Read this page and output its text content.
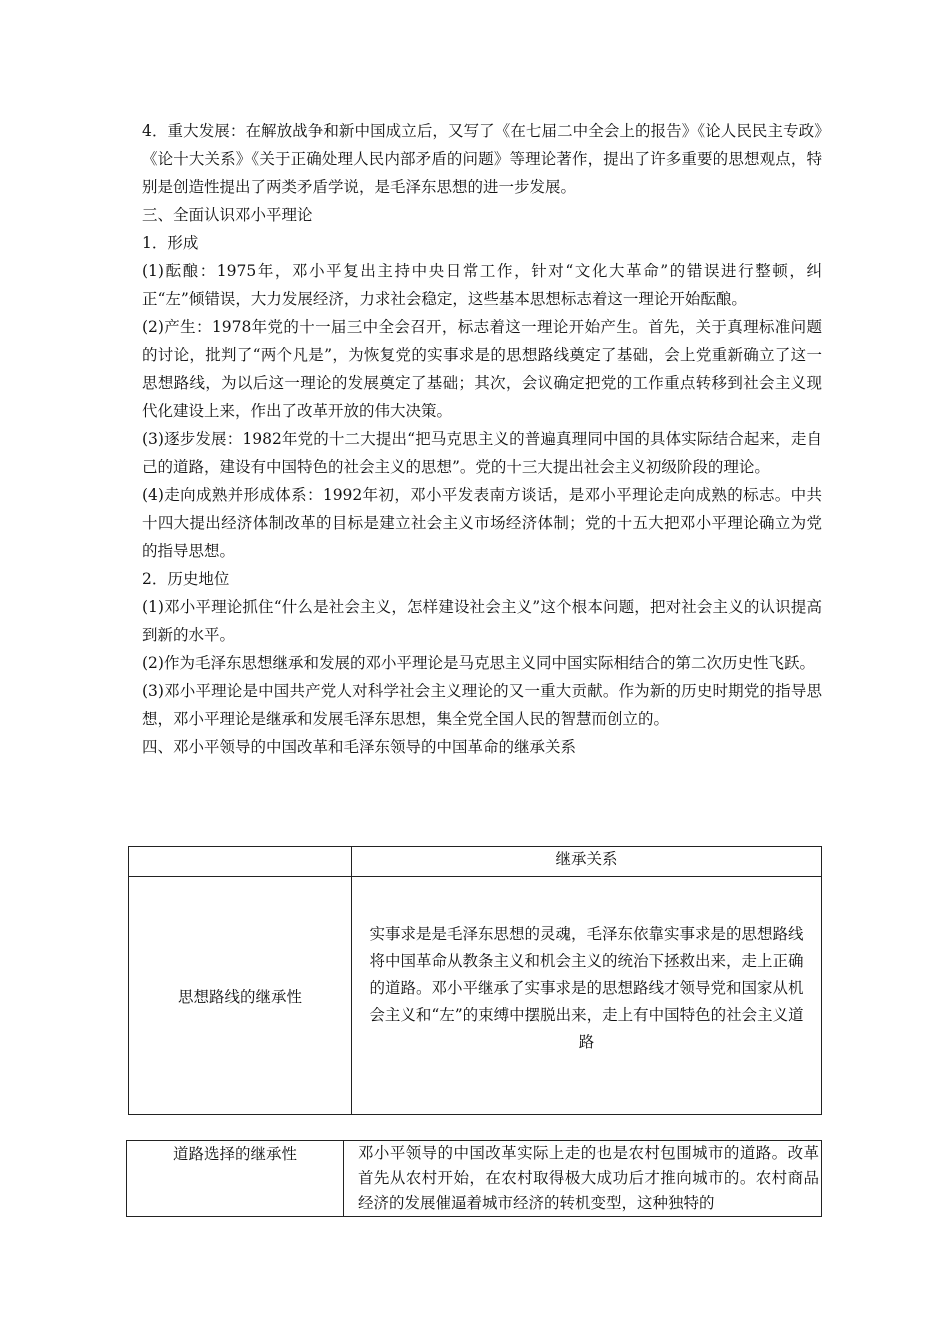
4．重大发展：在解放战争和新中国成立后，又写了《在七届二中全会上的报告》《论人民民主专政》《论十大关系》《关于正确处理人民内部矛盾的问题》等理论著作，提出了许多重要的思想观点，特别是创造性提出了两类矛盾学说，是毛泽东思想的进一步发展。

三、全面认识邓小平理论

1．形成

(1)酝酿：1975年，邓小平复出主持中央日常工作，针对“文化大革命”的错误进行整顿，纠正“左”倾错误，大力发展经济，力求社会稳定，这些基本思想标志着这一理论开始酝酿。

(2)产生：1978年党的十一届三中全会召开，标志着这一理论开始产生。首先，关于真理标准问题的讨论，批判了“两个凡是”，为恢复党的实事求是的思想路线奠定了基础，会上党重新确立了这一思想路线，为以后这一理论的发展奠定了基础；其次，会议确定把党的工作重点转移到社会主义现代化建设上来，作出了改革开放的伟大决策。

(3)逐步发展：1982年党的十二大提出“把马克思主义的普遍真理同中国的具体实际结合起来，走自己的道路，建设有中国特色的社会主义的思想”。党的十三大提出社会主义初级阶段的理论。

(4)走向成熟并形成体系：1992年初，邓小平发表南方谈话，是邓小平理论走向成熟的标志。中共十四大提出经济体制改革的目标是建立社会主义市场经济体制；党的十五大把邓小平理论确立为党的指导思想。

2．历史地位

(1)邓小平理论抓住“什么是社会主义，怎样建设社会主义”这个根本问题，把对社会主义的认识提高到新的水平。

(2)作为毛泽东思想继承和发展的邓小平理论是马克思主义同中国实际相结合的第二次历史性飞跃。

(3)邓小平理论是中国共产党人对科学社会主义理论的又一重大贡献。作为新的历史时期党的指导思想，邓小平理论是继承和发展毛泽东思想，集全党全国人民的智慧而创立的。

四、邓小平领导的中国改革和毛泽东领导的中国革命的继承关系

	继承关系
思想路线的继承性	实事求是是毛泽东思想的灵魂，毛泽东依靠实事求是的思想路线将中国革命从教条主义和机会主义的统治下拯救出来，走上正确的道路。邓小平继承了实事求是的思想路线才领导党和国家从机会主义和“左”的束缚中摆脱出来，走上有中国特色的社会主义道路
道路选择的继承性	邓小平领导的中国改革实际上走的也是农村包围城市的道路。改革首先从农村开始，在农村取得极大成功后才推向城市的。农村商品经济的发展催逼着城市经济的转机变型，这种独特的
